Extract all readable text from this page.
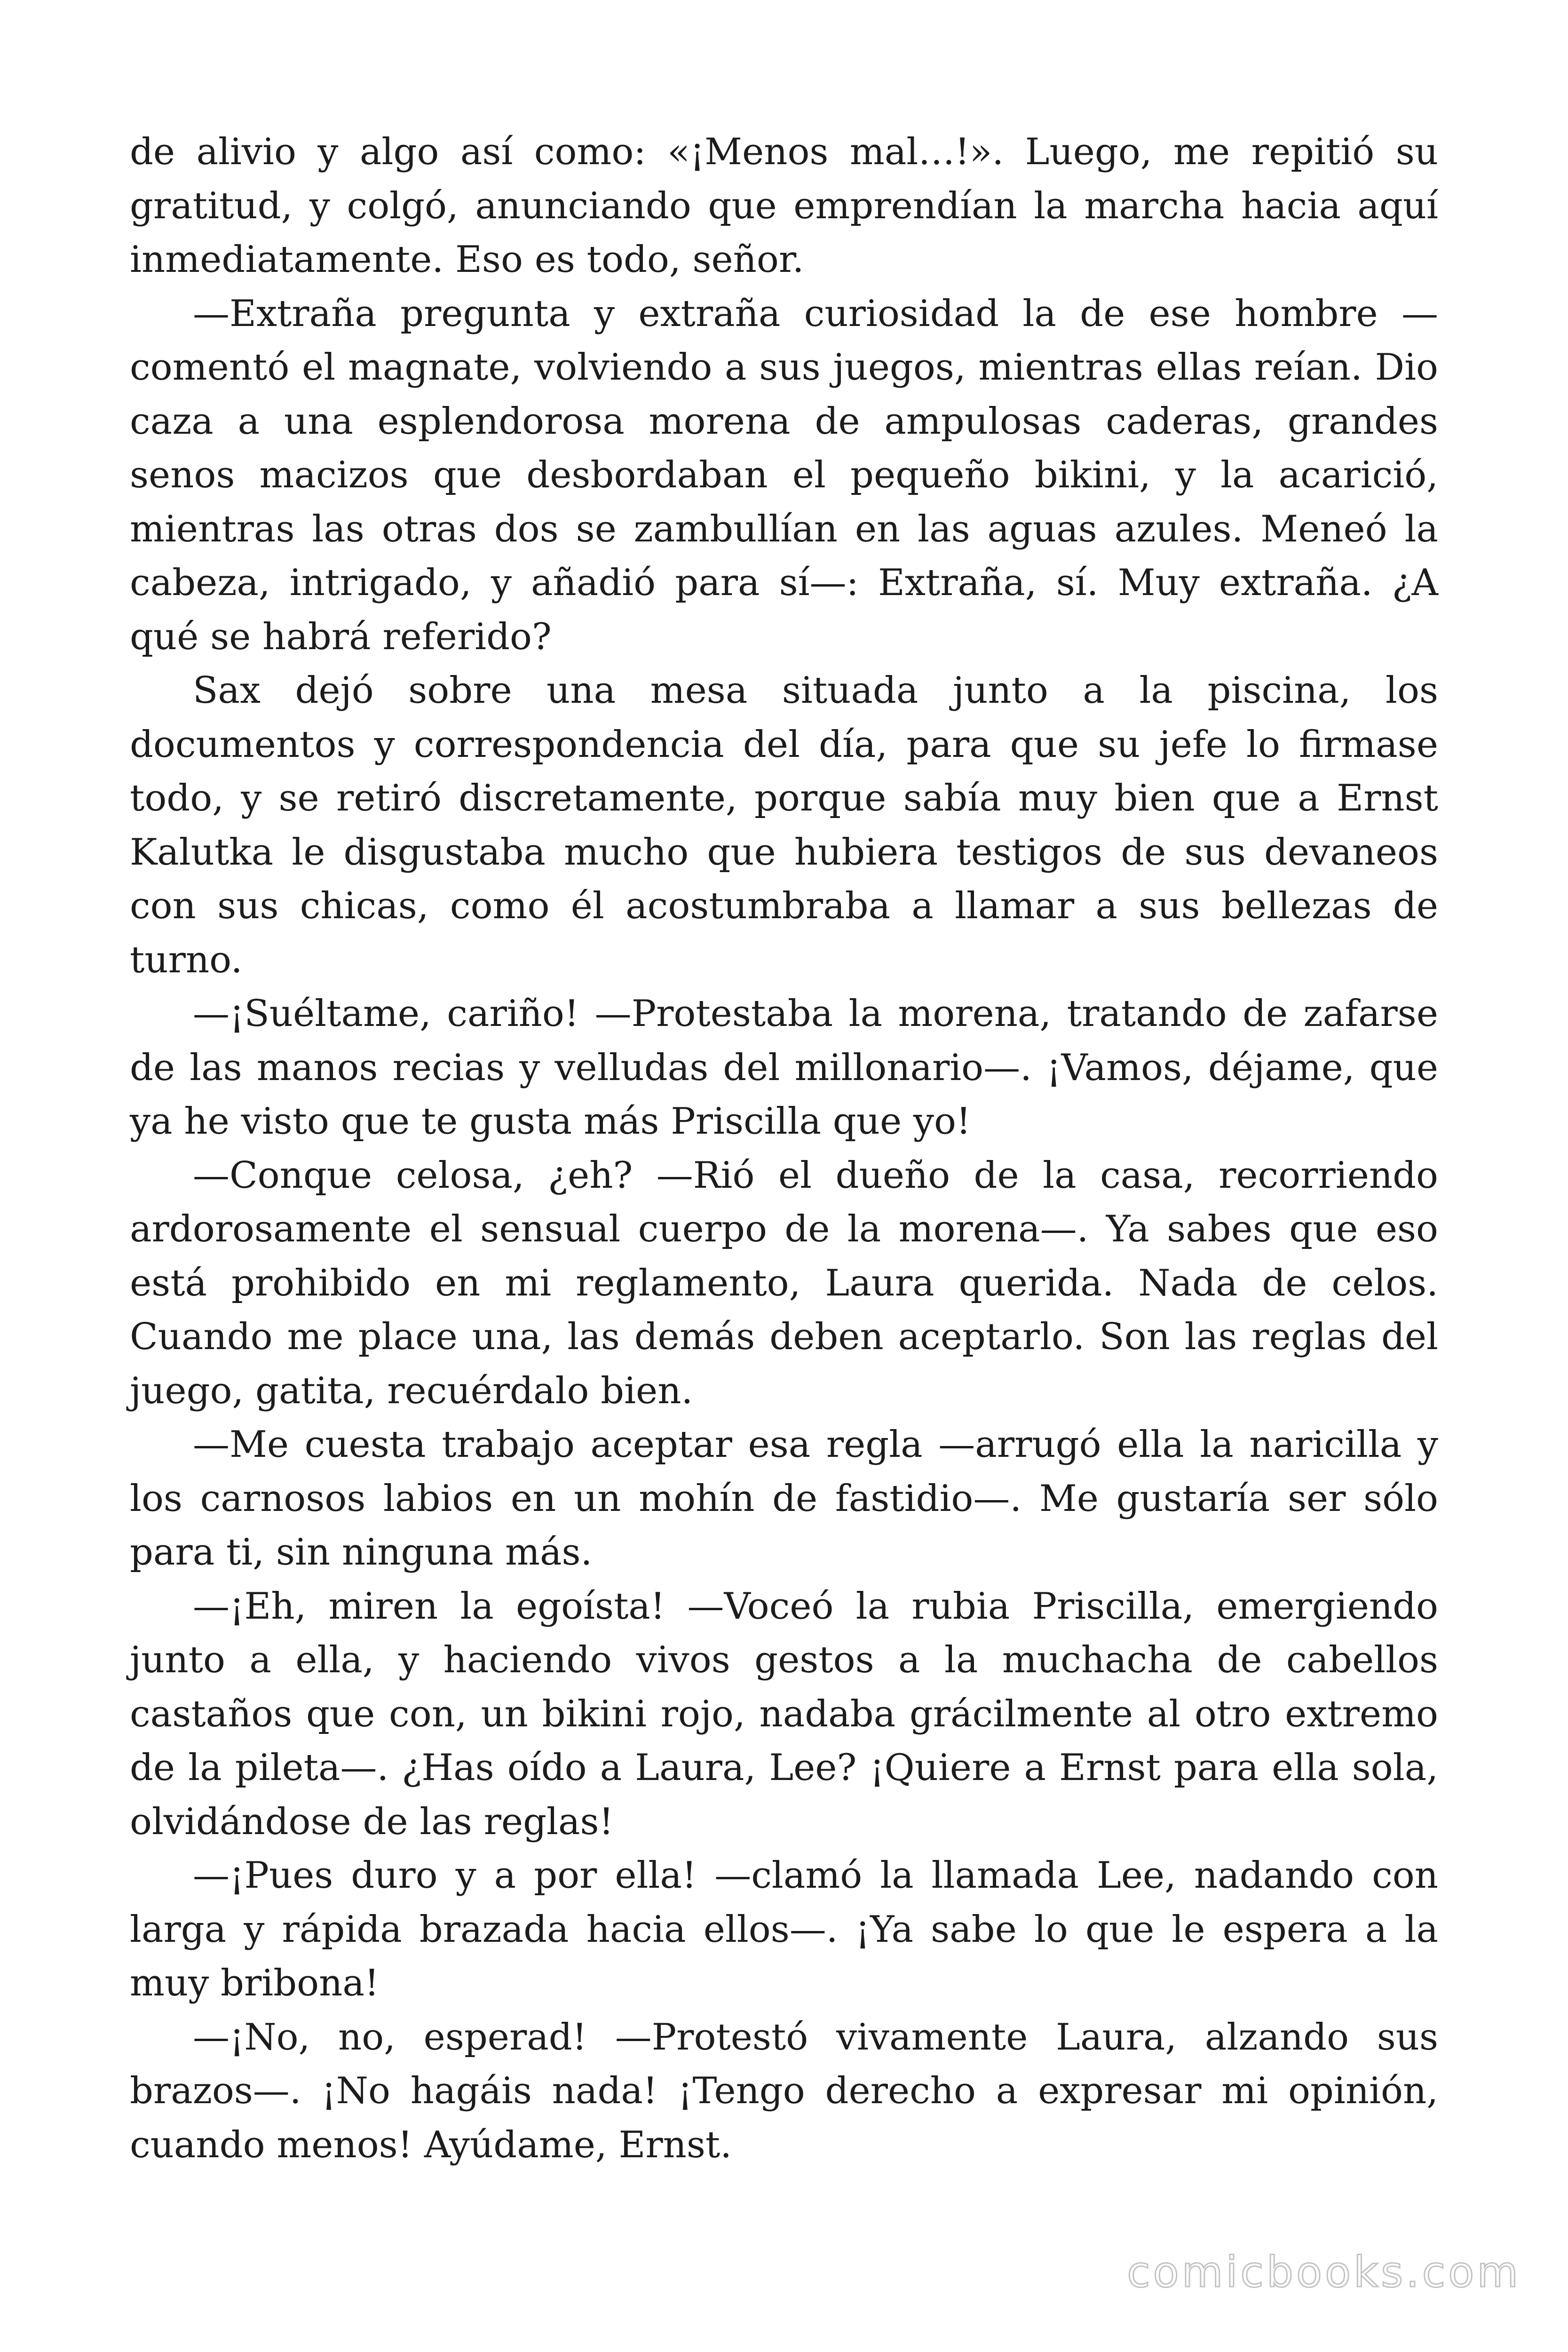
de alivio y algo así como: «¡Menos mal…!». Luego, me repitió su gratitud, y colgó, anunciando que emprendían la marcha hacia aquí inmediatamente. Eso es todo, señor.

—Extraña pregunta y extraña curiosidad la de ese hombre —comentó el magnate, volviendo a sus juegos, mientras ellas reían. Dio caza a una esplendorosa morena de ampulosas caderas, grandes senos macizos que desbordaban el pequeño bikini, y la acarició, mientras las otras dos se zambullían en las aguas azules. Meneó la cabeza, intrigado, y añadió para sí—: Extraña, sí. Muy extraña. ¿A qué se habrá referido?

Sax dejó sobre una mesa situada junto a la piscina, los documentos y correspondencia del día, para que su jefe lo firmase todo, y se retiró discretamente, porque sabía muy bien que a Ernst Kalutka le disgustaba mucho que hubiera testigos de sus devaneos con sus chicas, como él acostumbraba a llamar a sus bellezas de turno.

—¡Suéltame, cariño! —Protestaba la morena, tratando de zafarse de las manos recias y velludas del millonario—. ¡Vamos, déjame, que ya he visto que te gusta más Priscilla que yo!

—Conque celosa, ¿eh? —Rió el dueño de la casa, recorriendo ardorosamente el sensual cuerpo de la morena—. Ya sabes que eso está prohibido en mi reglamento, Laura querida. Nada de celos. Cuando me place una, las demás deben aceptarlo. Son las reglas del juego, gatita, recuérdalo bien.

—Me cuesta trabajo aceptar esa regla —arrugó ella la naricilla y los carnosos labios en un mohín de fastidio—. Me gustaría ser sólo para ti, sin ninguna más.

—¡Eh, miren la egoísta! —Voceó la rubia Priscilla, emergiendo junto a ella, y haciendo vivos gestos a la muchacha de cabellos castaños que con, un bikini rojo, nadaba grácilmente al otro extremo de la pileta—. ¿Has oído a Laura, Lee? ¡Quiere a Ernst para ella sola, olvidándose de las reglas!

—¡Pues duro y a por ella! —clamó la llamada Lee, nadando con larga y rápida brazada hacia ellos—. ¡Ya sabe lo que le espera a la muy bribona!

—¡No, no, esperad! —Protestó vivamente Laura, alzando sus brazos—. ¡No hagáis nada! ¡Tengo derecho a expresar mi opinión, cuando menos! Ayúdame, Ernst.

comicbooks.com
